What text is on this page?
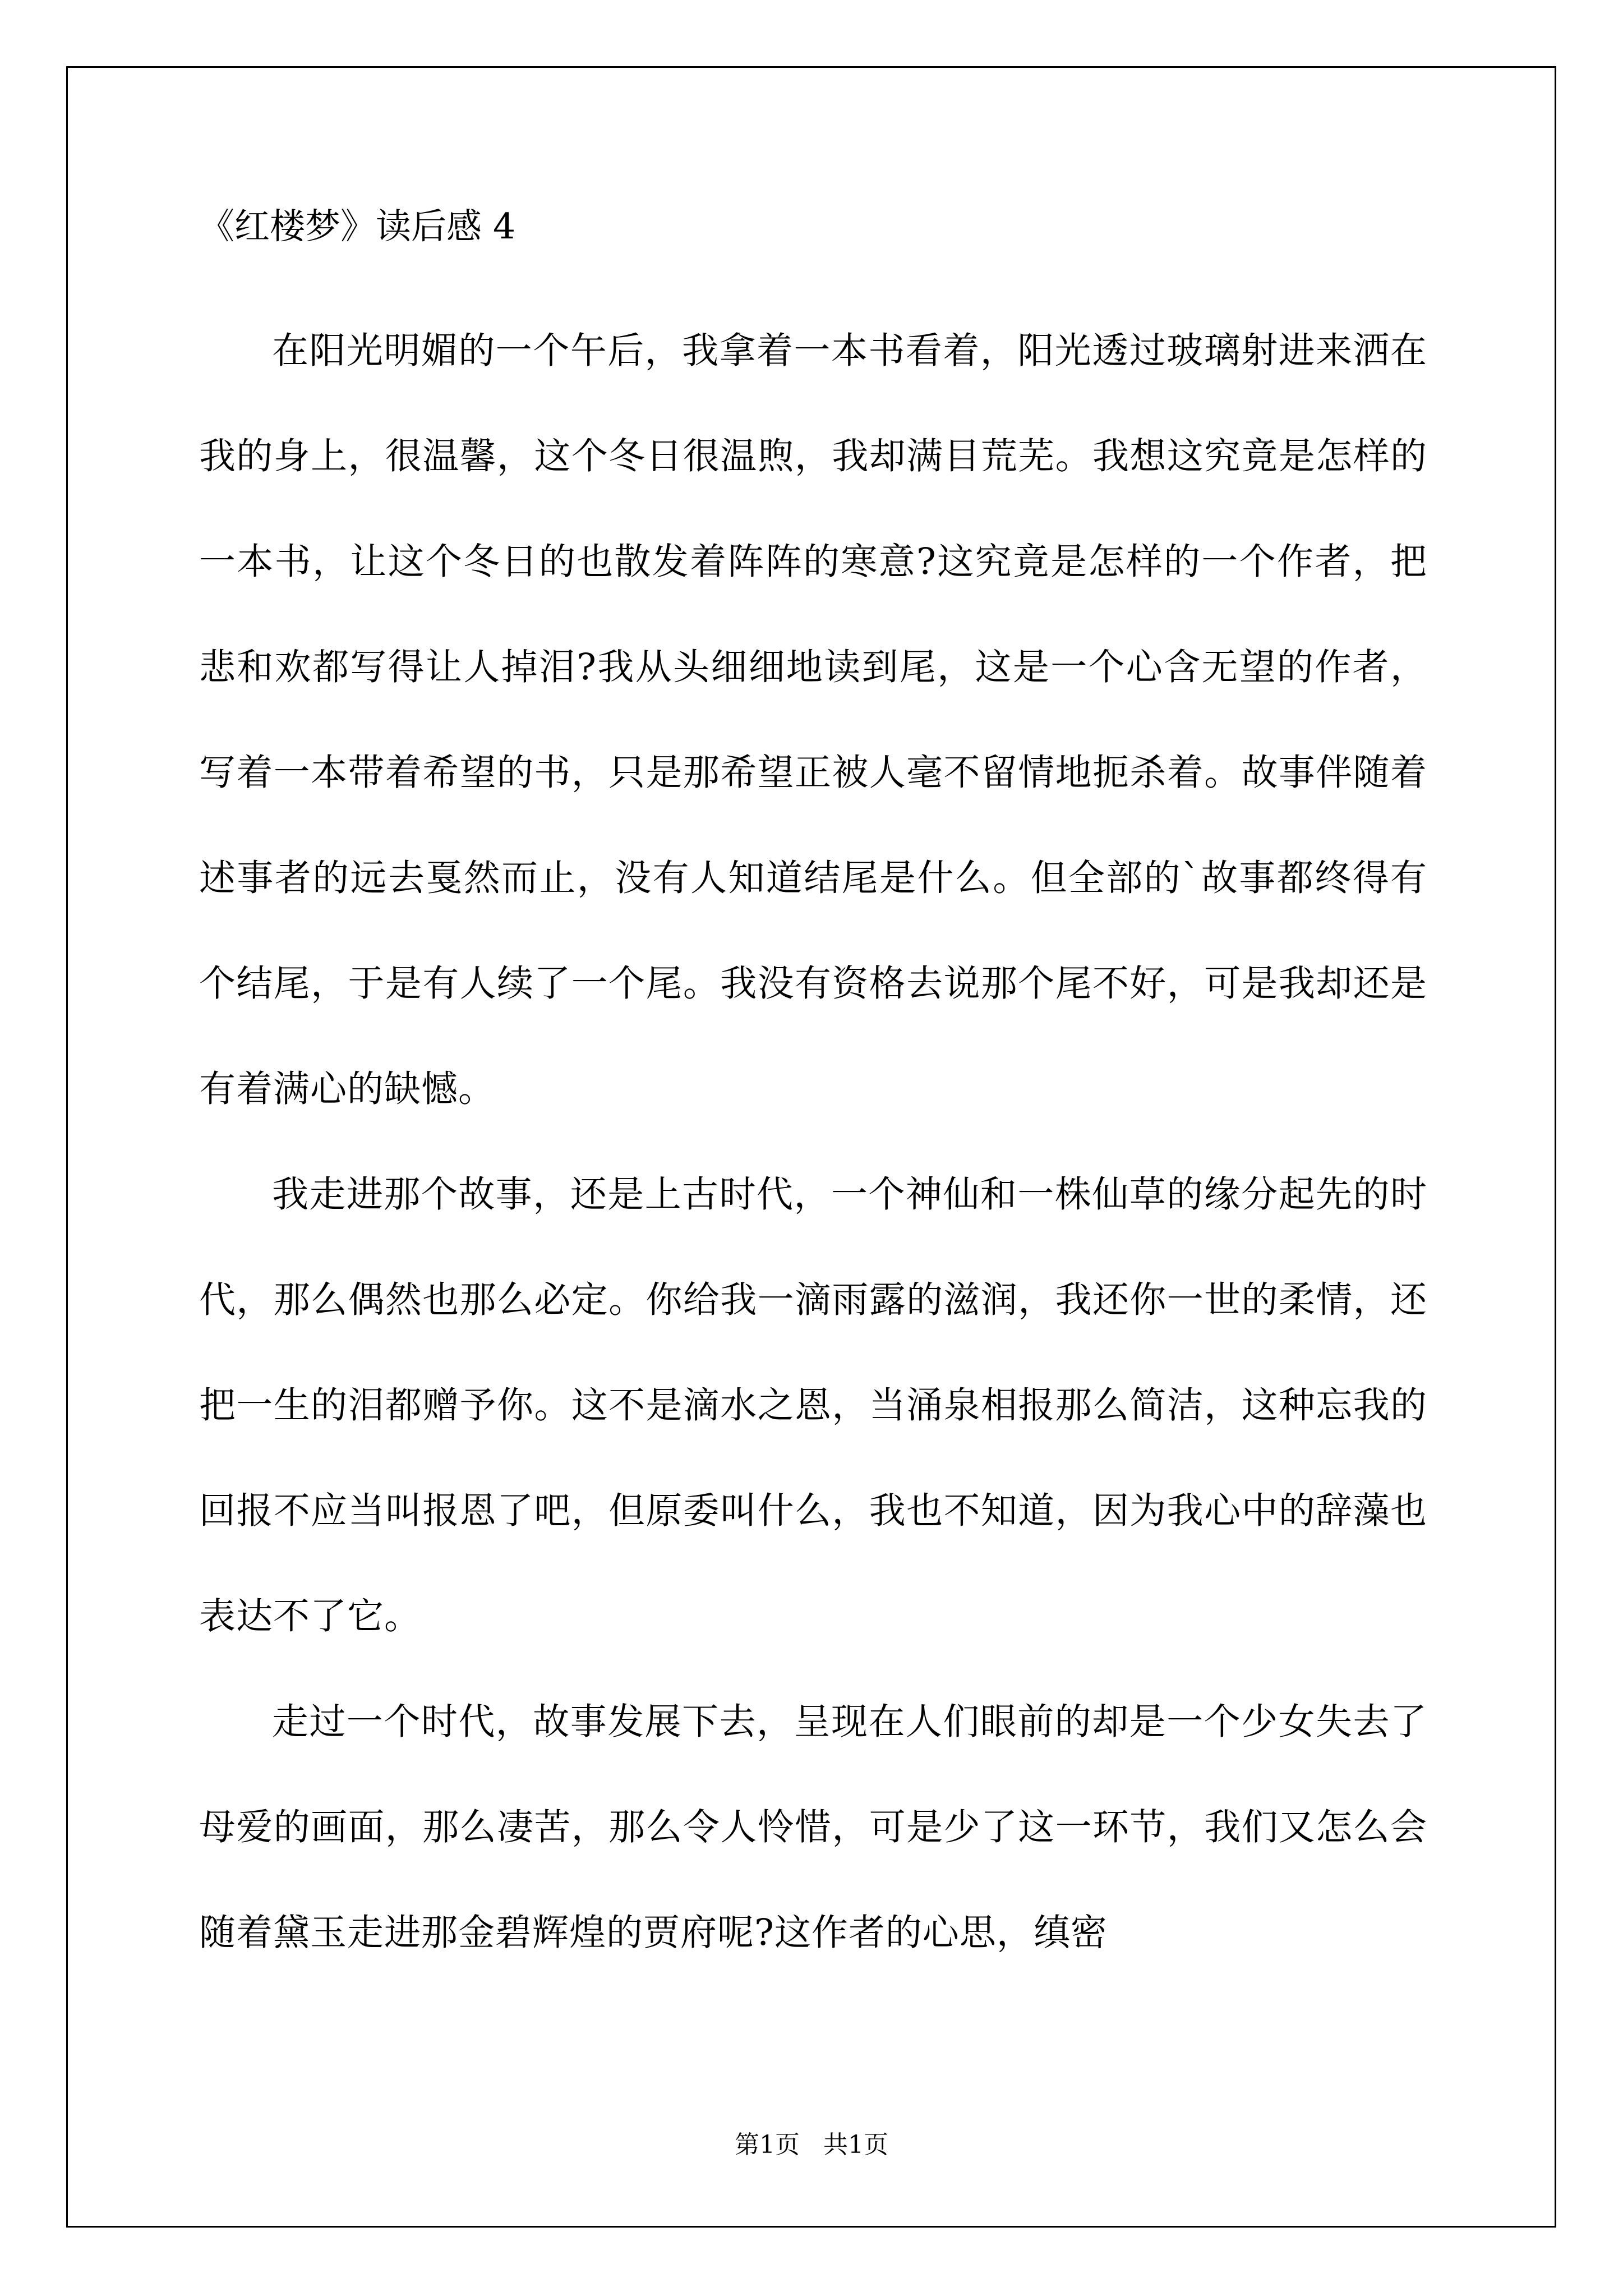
《红楼梦》读后感 4

在阳光明媚的一个午后，我拿着一本书看着，阳光透过玻璃射进来洒在我的身上，很温馨，这个冬日很温煦，我却满目荒芜。我想这究竟是怎样的一本书，让这个冬日的也散发着阵阵的寒意?这究竟是怎样的一个作者，把悲和欢都写得让人掉泪?我从头细细地读到尾，这是一个心含无望的作者，写着一本带着希望的书，只是那希望正被人毫不留情地扼杀着。故事伴随着述事者的远去戛然而止，没有人知道结尾是什么。但全部的`故事都终得有个结尾，于是有人续了一个尾。我没有资格去说那个尾不好，可是我却还是有着满心的缺憾。

我走进那个故事，还是上古时代，一个神仙和一株仙草的缘分起先的时代，那么偶然也那么必定。你给我一滴雨露的滋润，我还你一世的柔情，还把一生的泪都赠予你。这不是滴水之恩，当涌泉相报那么简洁，这种忘我的回报不应当叫报恩了吧，但原委叫什么，我也不知道，因为我心中的辞藻也表达不了它。

走过一个时代，故事发展下去，呈现在人们眼前的却是一个少女失去了母爱的画面，那么凄苦，那么令人怜惜，可是少了这一环节，我们又怎么会随着黛玉走进那金碧辉煌的贾府呢?这作者的心思，缜密

第1页   共1页
